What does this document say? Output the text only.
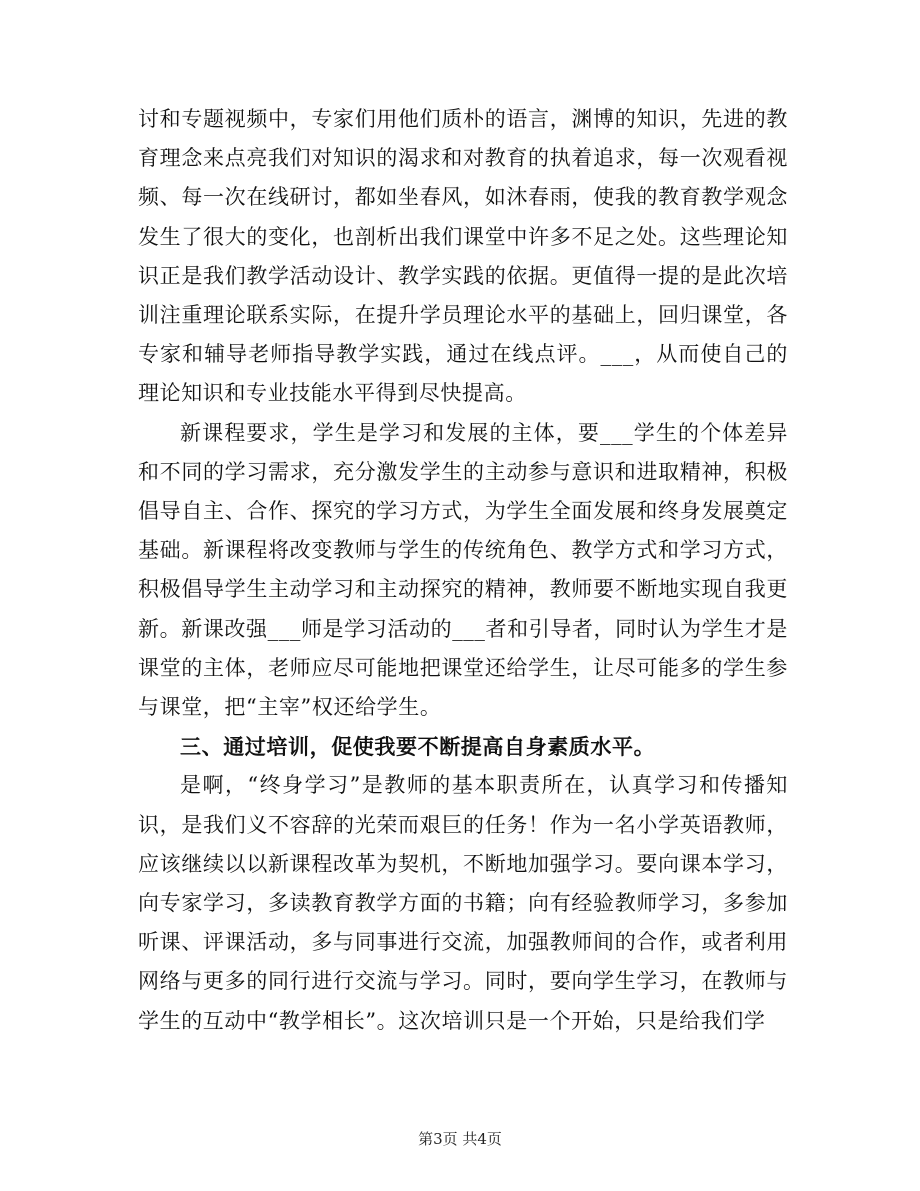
讨和专题视频中，专家们用他们质朴的语言，渊博的知识，先进的教育理念来点亮我们对知识的渴求和对教育的执着追求，每一次观看视频、每一次在线研讨，都如坐春风，如沐春雨，使我的教育教学观念发生了很大的变化，也剖析出我们课堂中许多不足之处。这些理论知识正是我们教学活动设计、教学实践的依据。更值得一提的是此次培训注重理论联系实际，在提升学员理论水平的基础上，回归课堂，各专家和辅导老师指导教学实践，通过在线点评。___，从而使自己的理论知识和专业技能水平得到尽快提高。

新课程要求，学生是学习和发展的主体，要___学生的个体差异和不同的学习需求，充分激发学生的主动参与意识和进取精神，积极倡导自主、合作、探究的学习方式，为学生全面发展和终身发展奠定基础。新课程将改变教师与学生的传统角色、教学方式和学习方式，积极倡导学生主动学习和主动探究的精神，教师要不断地实现自我更新。新课改强___师是学习活动的___者和引导者，同时认为学生才是课堂的主体，老师应尽可能地把课堂还给学生，让尽可能多的学生参与课堂，把“主宰”权还给学生。

三、通过培训，促使我要不断提高自身素质水平。

是啊，“终身学习”是教师的基本职责所在，认真学习和传播知识，是我们义不容辞的光荣而艰巨的任务！作为一名小学英语教师，应该继续以以新课程改革为契机，不断地加强学习。要向课本学习，向专家学习，多读教育教学方面的书籍；向有经验教师学习，多参加听课、评课活动，多与同事进行交流，加强教师间的合作，或者利用网络与更多的同行进行交流与学习。同时，要向学生学习，在教师与学生的互动中“教学相长”。这次培训只是一个开始，只是给我们学

第3页 共4页
